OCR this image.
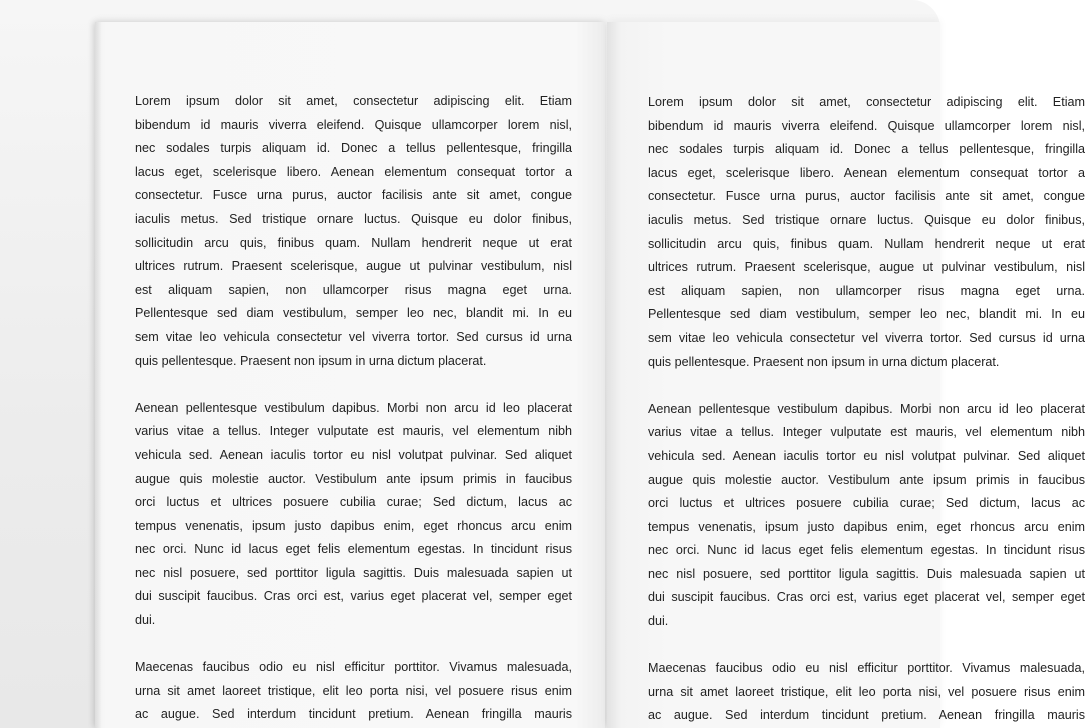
Lorem ipsum dolor sit amet, consectetur adipiscing elit. Etiam
bibendum id mauris viverra eleifend. Quisque ullamcorper lorem nisl,
nec sodales turpis aliquam id. Donec a tellus pellentesque, fringilla
lacus eget, scelerisque libero. Aenean elementum consequat tortor a
consectetur. Fusce urna purus, auctor facilisis ante sit amet, congue
iaculis metus. Sed tristique ornare luctus. Quisque eu dolor finibus,
sollicitudin arcu quis, finibus quam. Nullam hendrerit neque ut erat
ultrices rutrum. Praesent scelerisque, augue ut pulvinar vestibulum, nisl
est aliquam sapien, non ullamcorper risus magna eget urna.
Pellentesque sed diam vestibulum, semper leo nec, blandit mi. In eu
sem vitae leo vehicula consectetur vel viverra tortor. Sed cursus id urna
quis pellentesque. Praesent non ipsum in urna dictum placerat.
Aenean pellentesque vestibulum dapibus. Morbi non arcu id leo placerat
varius vitae a tellus. Integer vulputate est mauris, vel elementum nibh
vehicula sed. Aenean iaculis tortor eu nisl volutpat pulvinar. Sed aliquet
augue quis molestie auctor. Vestibulum ante ipsum primis in faucibus
orci luctus et ultrices posuere cubilia curae; Sed dictum, lacus ac
tempus venenatis, ipsum justo dapibus enim, eget rhoncus arcu enim
nec orci. Nunc id lacus eget felis elementum egestas. In tincidunt risus
nec nisl posuere, sed porttitor ligula sagittis. Duis malesuada sapien ut
dui suscipit faucibus. Cras orci est, varius eget placerat vel, semper eget
dui.
Maecenas faucibus odio eu nisl efficitur porttitor. Vivamus malesuada,
urna sit amet laoreet tristique, elit leo porta nisi, vel posuere risus enim
ac augue. Sed interdum tincidunt pretium. Aenean fringilla mauris
Lorem ipsum dolor sit amet, consectetur adipiscing elit. Etiam
bibendum id mauris viverra eleifend. Quisque ullamcorper lorem nisl,
nec sodales turpis aliquam id. Donec a tellus pellentesque, fringilla
lacus eget, scelerisque libero. Aenean elementum consequat tortor a
consectetur. Fusce urna purus, auctor facilisis ante sit amet, congue
iaculis metus. Sed tristique ornare luctus. Quisque eu dolor finibus,
sollicitudin arcu quis, finibus quam. Nullam hendrerit neque ut erat
ultrices rutrum. Praesent scelerisque, augue ut pulvinar vestibulum, nisl
est aliquam sapien, non ullamcorper risus magna eget urna.
Pellentesque sed diam vestibulum, semper leo nec, blandit mi. In eu
sem vitae leo vehicula consectetur vel viverra tortor. Sed cursus id urna
quis pellentesque. Praesent non ipsum in urna dictum placerat.
Aenean pellentesque vestibulum dapibus. Morbi non arcu id leo placerat
varius vitae a tellus. Integer vulputate est mauris, vel elementum nibh
vehicula sed. Aenean iaculis tortor eu nisl volutpat pulvinar. Sed aliquet
augue quis molestie auctor. Vestibulum ante ipsum primis in faucibus
orci luctus et ultrices posuere cubilia curae; Sed dictum, lacus ac
tempus venenatis, ipsum justo dapibus enim, eget rhoncus arcu enim
nec orci. Nunc id lacus eget felis elementum egestas. In tincidunt risus
nec nisl posuere, sed porttitor ligula sagittis. Duis malesuada sapien ut
dui suscipit faucibus. Cras orci est, varius eget placerat vel, semper eget
dui.
Maecenas faucibus odio eu nisl efficitur porttitor. Vivamus malesuada,
urna sit amet laoreet tristique, elit leo porta nisi, vel posuere risus enim
ac augue. Sed interdum tincidunt pretium. Aenean fringilla mauris
